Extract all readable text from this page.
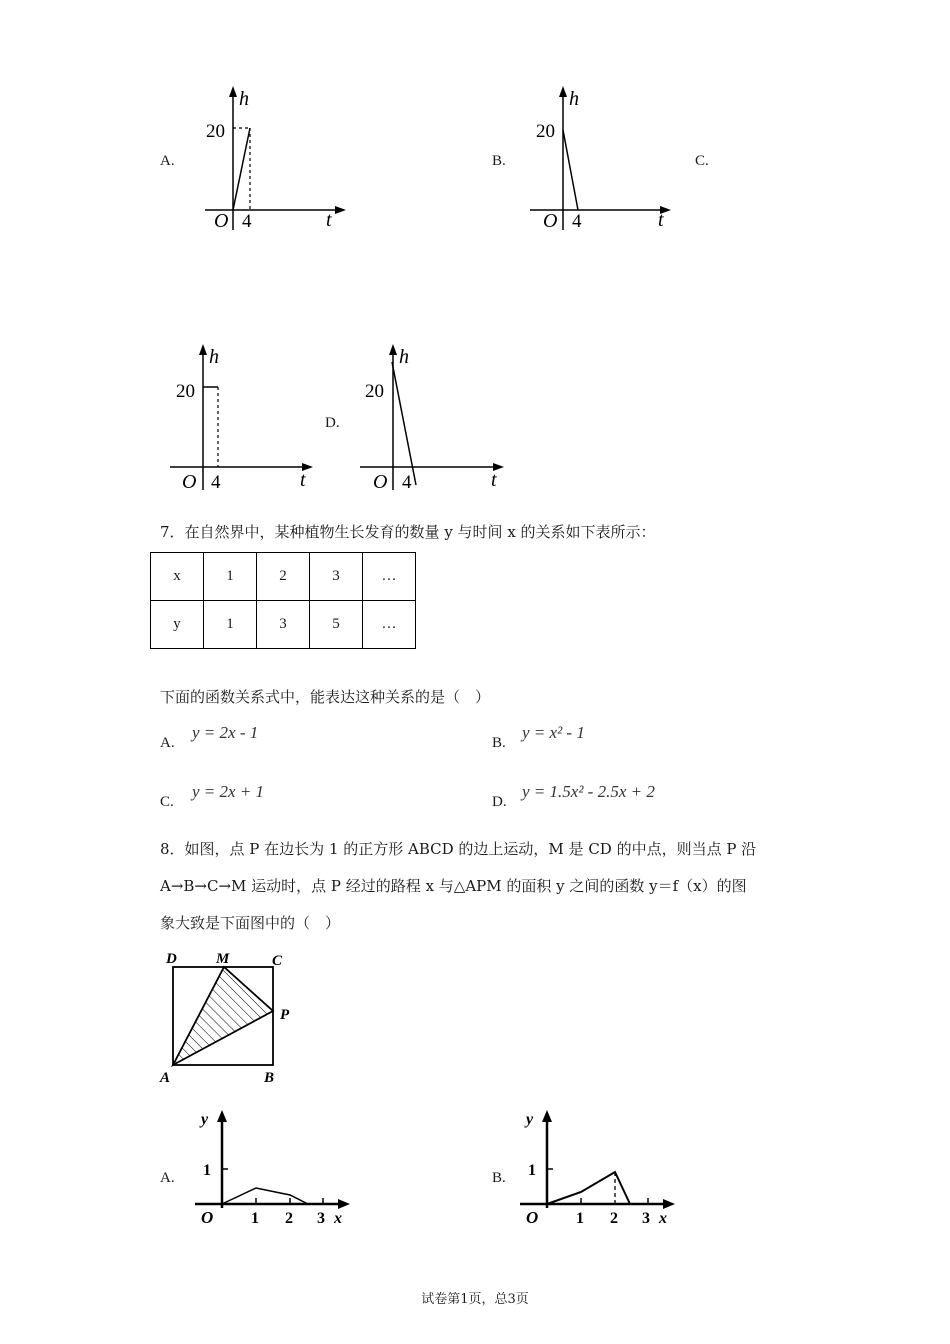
A.
h
20
O 4	t
B.
h
20
O 4	t
C.
h
20
O 4	t
D.
h
20
O 4	t
7．在自然界中，某种植物生长发育的数量 y 与时间 x 的关系如下表所示：
x	1	2	3	…
y	1	3	5	…
下面的函数关系式中，能表达这种关系的是（　）
A.
y = 2x - 1
B.
y = x² - 1
C.
y = 2x + 1
D.
y = 1.5x² - 2.5x + 2
8．如图，点 P 在边长为 1 的正方形 ABCD 的边上运动，M 是 CD 的中点，则当点 P 沿
A→B→C→M 运动时，点 P 经过的路程 x 与△APM 的面积 y 之间的函数 y＝f（x）的图
象大致是下面图中的（　）
D	M	C
P
A	B
A.
y
1
O 1 2 3 x
B.
y
1
O 1 2 3 x
试卷第1页，总3页
